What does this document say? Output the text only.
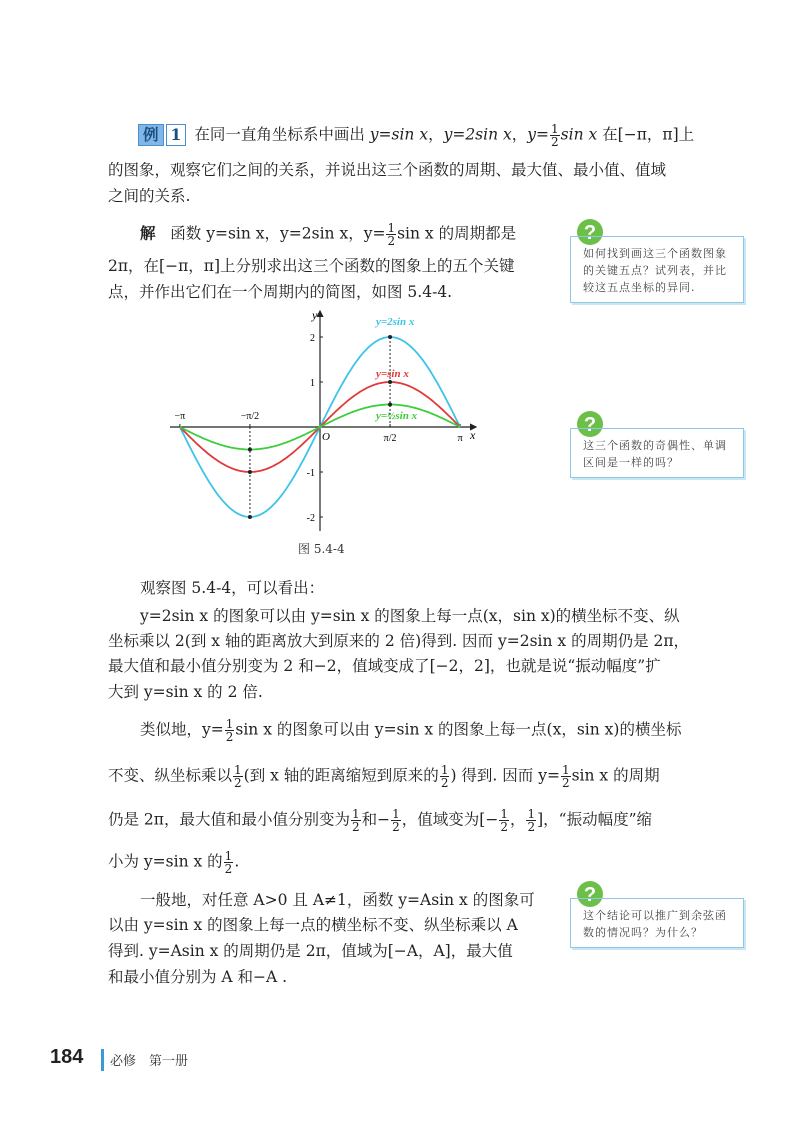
例 1 在同一直角坐标系中画出 y=sin x，y=2sin x，$y= \frac{1}{2}$ sin x 在[−π，π]上
的图象，观察它们之间的关系，并说出这三个函数的周期、最大值、最小值、值域
之间的关系.
解 函数 y=sin x，y=2sin x，$y= \frac{1}{2}$ sin x 的周期都是
2π，在[−π，π]上分别求出这三个函数的图象上的五个关键
点，并作出它们在一个周期内的简图，如图 5.4-4.
x
y
O
−π	−π/2
π/2	π
2
1
-1
-2
y=2sin x
y=sin x
y=½sin x
图 5.4-4
?
如何找到画这三个函数图象的关键五点？试列表，并比较这五点坐标的异同.
?
这三个函数的奇偶性、单调区间是一样的吗？
?
这个结论可以推广到余弦函数的情况吗？为什么？
观察图 5.4-4，可以看出：
y=2sin x 的图象可以由 y=sin x 的图象上每一点(x，sin x)的横坐标不变、纵
坐标乘以 2(到 x 轴的距离放大到原来的 2 倍)得到. 因而 y=2sin x 的周期仍是 2π，
最大值和最小值分别变为 2 和−2，值域变成了[−2，2]，也就是说“振动幅度”扩
大到 y=sin x 的 2 倍.
类似地，$y= \frac{1}{2}$ sin x 的图象可以由 y=sin x 的图象上每一点(x，sin x)的横坐标
不变、纵坐标乘以 $\frac{1}{2}$ (到 x 轴的距离缩短到原来的 $\frac{1}{2}$ ) 得到. 因而 $y= \frac{1}{2}$ sin x 的周期
仍是 2π，最大值和最小值分别变为 $\frac{1}{2}$ 和− $\frac{1}{2}$ ，值域变为[− $\frac{1}{2}$ ， $\frac{1}{2}$ ]，“振动幅度”缩
小为 y=sin x 的 $\frac{1}{2}$ .
一般地，对任意 A>0 且 A≠1，函数 y=Asin x 的图象可
以由 y=sin x 的图象上每一点的横坐标不变、纵坐标乘以 A
得到. y=Asin x 的周期仍是 2π，值域为[−A，A]，最大值
和最小值分别为 A 和−A .
184 必修　第一册
